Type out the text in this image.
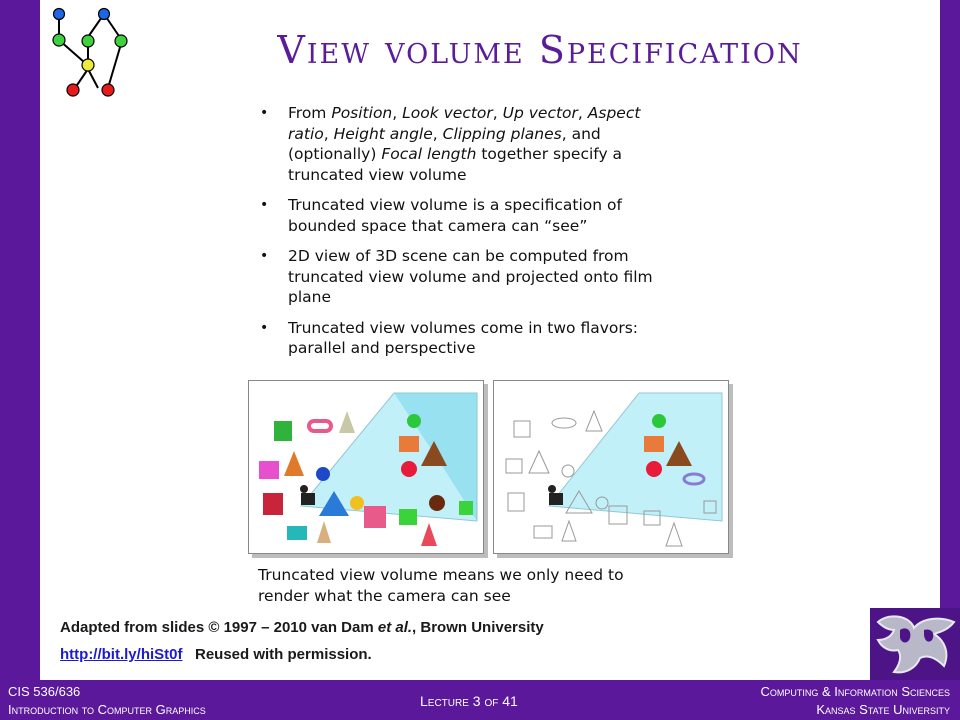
View volume Specification
• From Position, Look vector, Up vector, Aspect
ratio, Height angle, Clipping planes, and
(optionally) Focal length together specify a
truncated view volume
• Truncated view volume is a specification of
bounded space that camera can “see”
• 2D view of 3D scene can be computed from
truncated view volume and projected onto film
plane
• Truncated view volumes come in two flavors:
parallel and perspective
Truncated view volume means we only need to
render what the camera can see
Adapted from slides © 1997 – 2010 van Dam et al., Brown University
http://bit.ly/hiSt0f Reused with permission.
CIS 536/636
Introduction to Computer Graphics
Lecture 3 of 41
Computing & Information Sciences
Kansas State University
